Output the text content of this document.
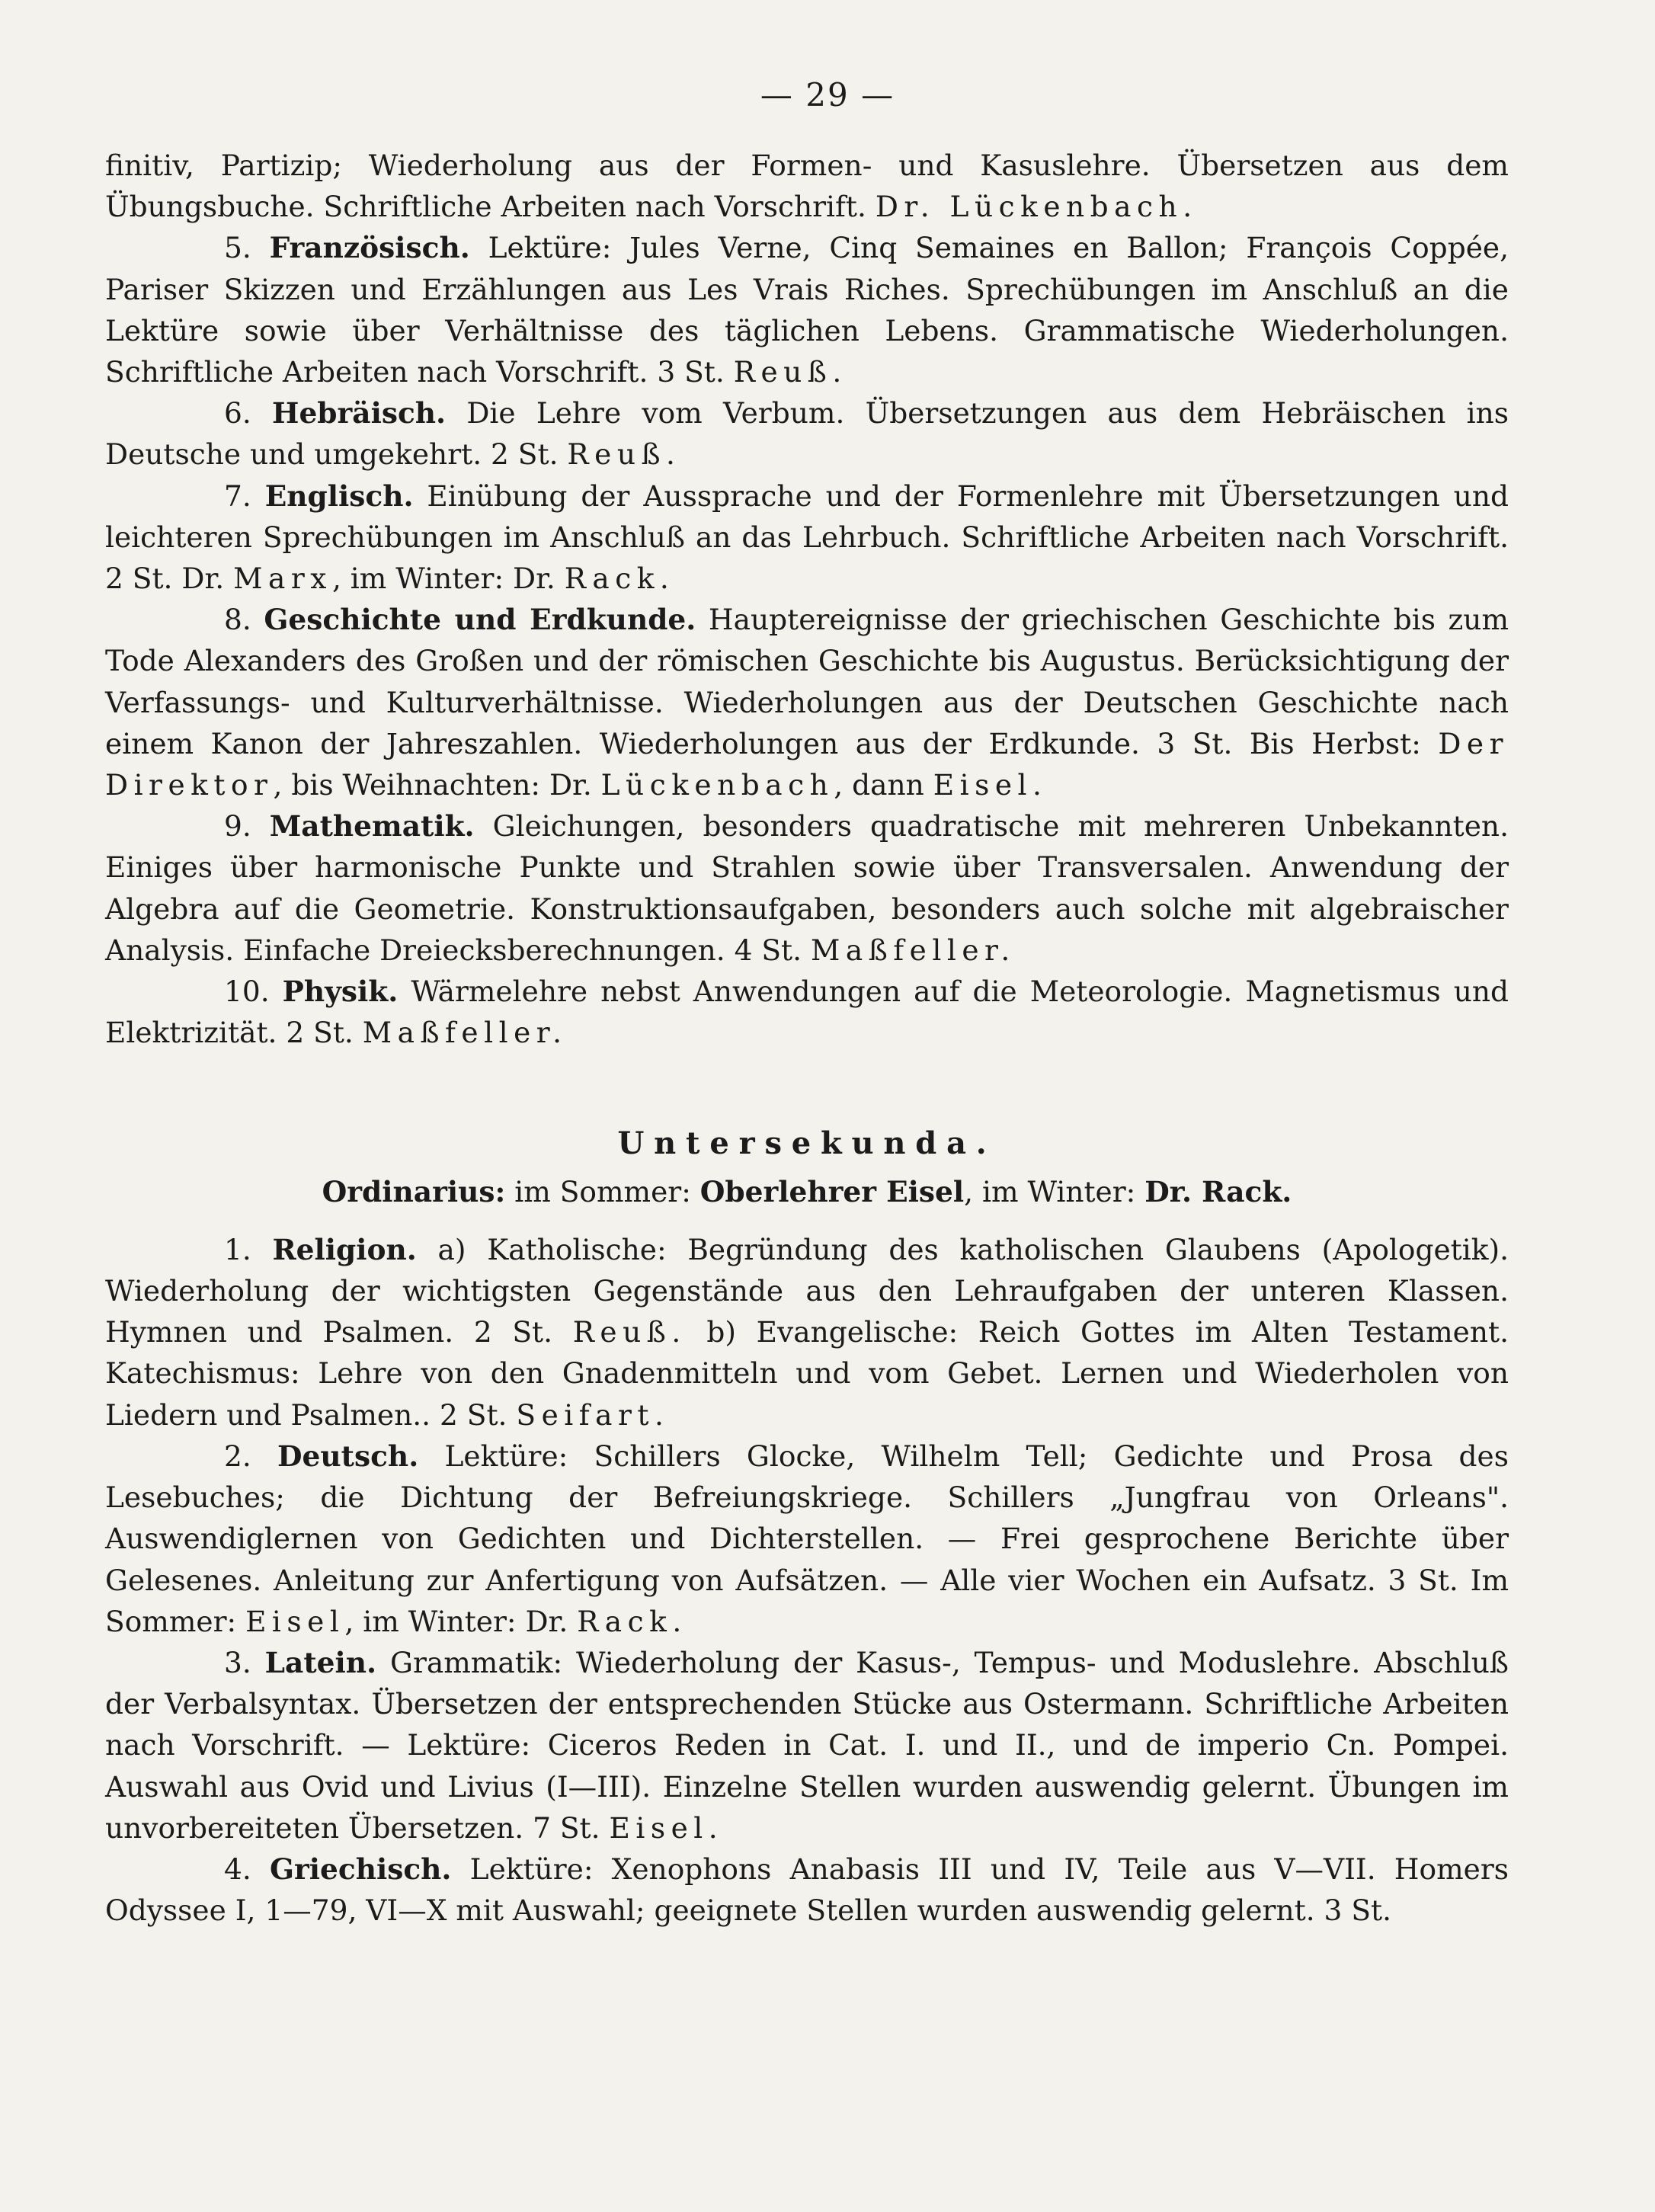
— 29 —

finitiv, Partizip; Wiederholung aus der Formen- und Kasuslehre. Übersetzen aus dem Übungsbuche. Schriftliche Arbeiten nach Vorschrift. Dr. Lückenbach.

5. Französisch. Lektüre: Jules Verne, Cinq Semaines en Ballon; François Coppée, Pariser Skizzen und Erzählungen aus Les Vrais Riches. Sprechübungen im Anschluß an die Lektüre sowie über Verhältnisse des täglichen Lebens. Grammatische Wiederholungen. Schriftliche Arbeiten nach Vorschrift. 3 St. Reuß.

6. Hebräisch. Die Lehre vom Verbum. Übersetzungen aus dem Hebräischen ins Deutsche und umgekehrt. 2 St. Reuß.

7. Englisch. Einübung der Aussprache und der Formenlehre mit Übersetzungen und leichteren Sprechübungen im Anschluß an das Lehrbuch. Schriftliche Arbeiten nach Vorschrift. 2 St. Dr. Marx, im Winter: Dr. Rack.

8. Geschichte und Erdkunde. Hauptereignisse der griechischen Geschichte bis zum Tode Alexanders des Großen und der römischen Geschichte bis Augustus. Berücksichtigung der Verfassungs- und Kulturverhältnisse. Wiederholungen aus der Deutschen Geschichte nach einem Kanon der Jahreszahlen. Wiederholungen aus der Erdkunde. 3 St. Bis Herbst: Der Direktor, bis Weihnachten: Dr. Lückenbach, dann Eisel.

9. Mathematik. Gleichungen, besonders quadratische mit mehreren Unbekannten. Einiges über harmonische Punkte und Strahlen sowie über Transversalen. Anwendung der Algebra auf die Geometrie. Konstruktionsaufgaben, besonders auch solche mit algebraischer Analysis. Einfache Dreiecksberechnungen. 4 St. Maßfeller.

10. Physik. Wärmelehre nebst Anwendungen auf die Meteorologie. Magnetismus und Elektrizität. 2 St. Maßfeller.

Untersekunda.

Ordinarius: im Sommer: Oberlehrer Eisel, im Winter: Dr. Rack.

1. Religion. a) Katholische: Begründung des katholischen Glaubens (Apologetik). Wiederholung der wichtigsten Gegenstände aus den Lehraufgaben der unteren Klassen. Hymnen und Psalmen. 2 St. Reuß. b) Evangelische: Reich Gottes im Alten Testament. Katechismus: Lehre von den Gnadenmitteln und vom Gebet. Lernen und Wiederholen von Liedern und Psalmen.. 2 St. Seifart.

2. Deutsch. Lektüre: Schillers Glocke, Wilhelm Tell; Gedichte und Prosa des Lesebuches; die Dichtung der Befreiungskriege. Schillers „Jungfrau von Orleans". Auswendiglernen von Gedichten und Dichterstellen. — Frei gesprochene Berichte über Gelesenes. Anleitung zur Anfertigung von Aufsätzen. — Alle vier Wochen ein Aufsatz. 3 St. Im Sommer: Eisel, im Winter: Dr. Rack.

3. Latein. Grammatik: Wiederholung der Kasus-, Tempus- und Moduslehre. Abschluß der Verbalsyntax. Übersetzen der entsprechenden Stücke aus Ostermann. Schriftliche Arbeiten nach Vorschrift. — Lektüre: Ciceros Reden in Cat. I. und II., und de imperio Cn. Pompei. Auswahl aus Ovid und Livius (I—III). Einzelne Stellen wurden auswendig gelernt. Übungen im unvorbereiteten Übersetzen. 7 St. Eisel.

4. Griechisch. Lektüre: Xenophons Anabasis III und IV, Teile aus V—VII. Homers Odyssee I, 1—79, VI—X mit Auswahl; geeignete Stellen wurden auswendig gelernt. 3 St.
